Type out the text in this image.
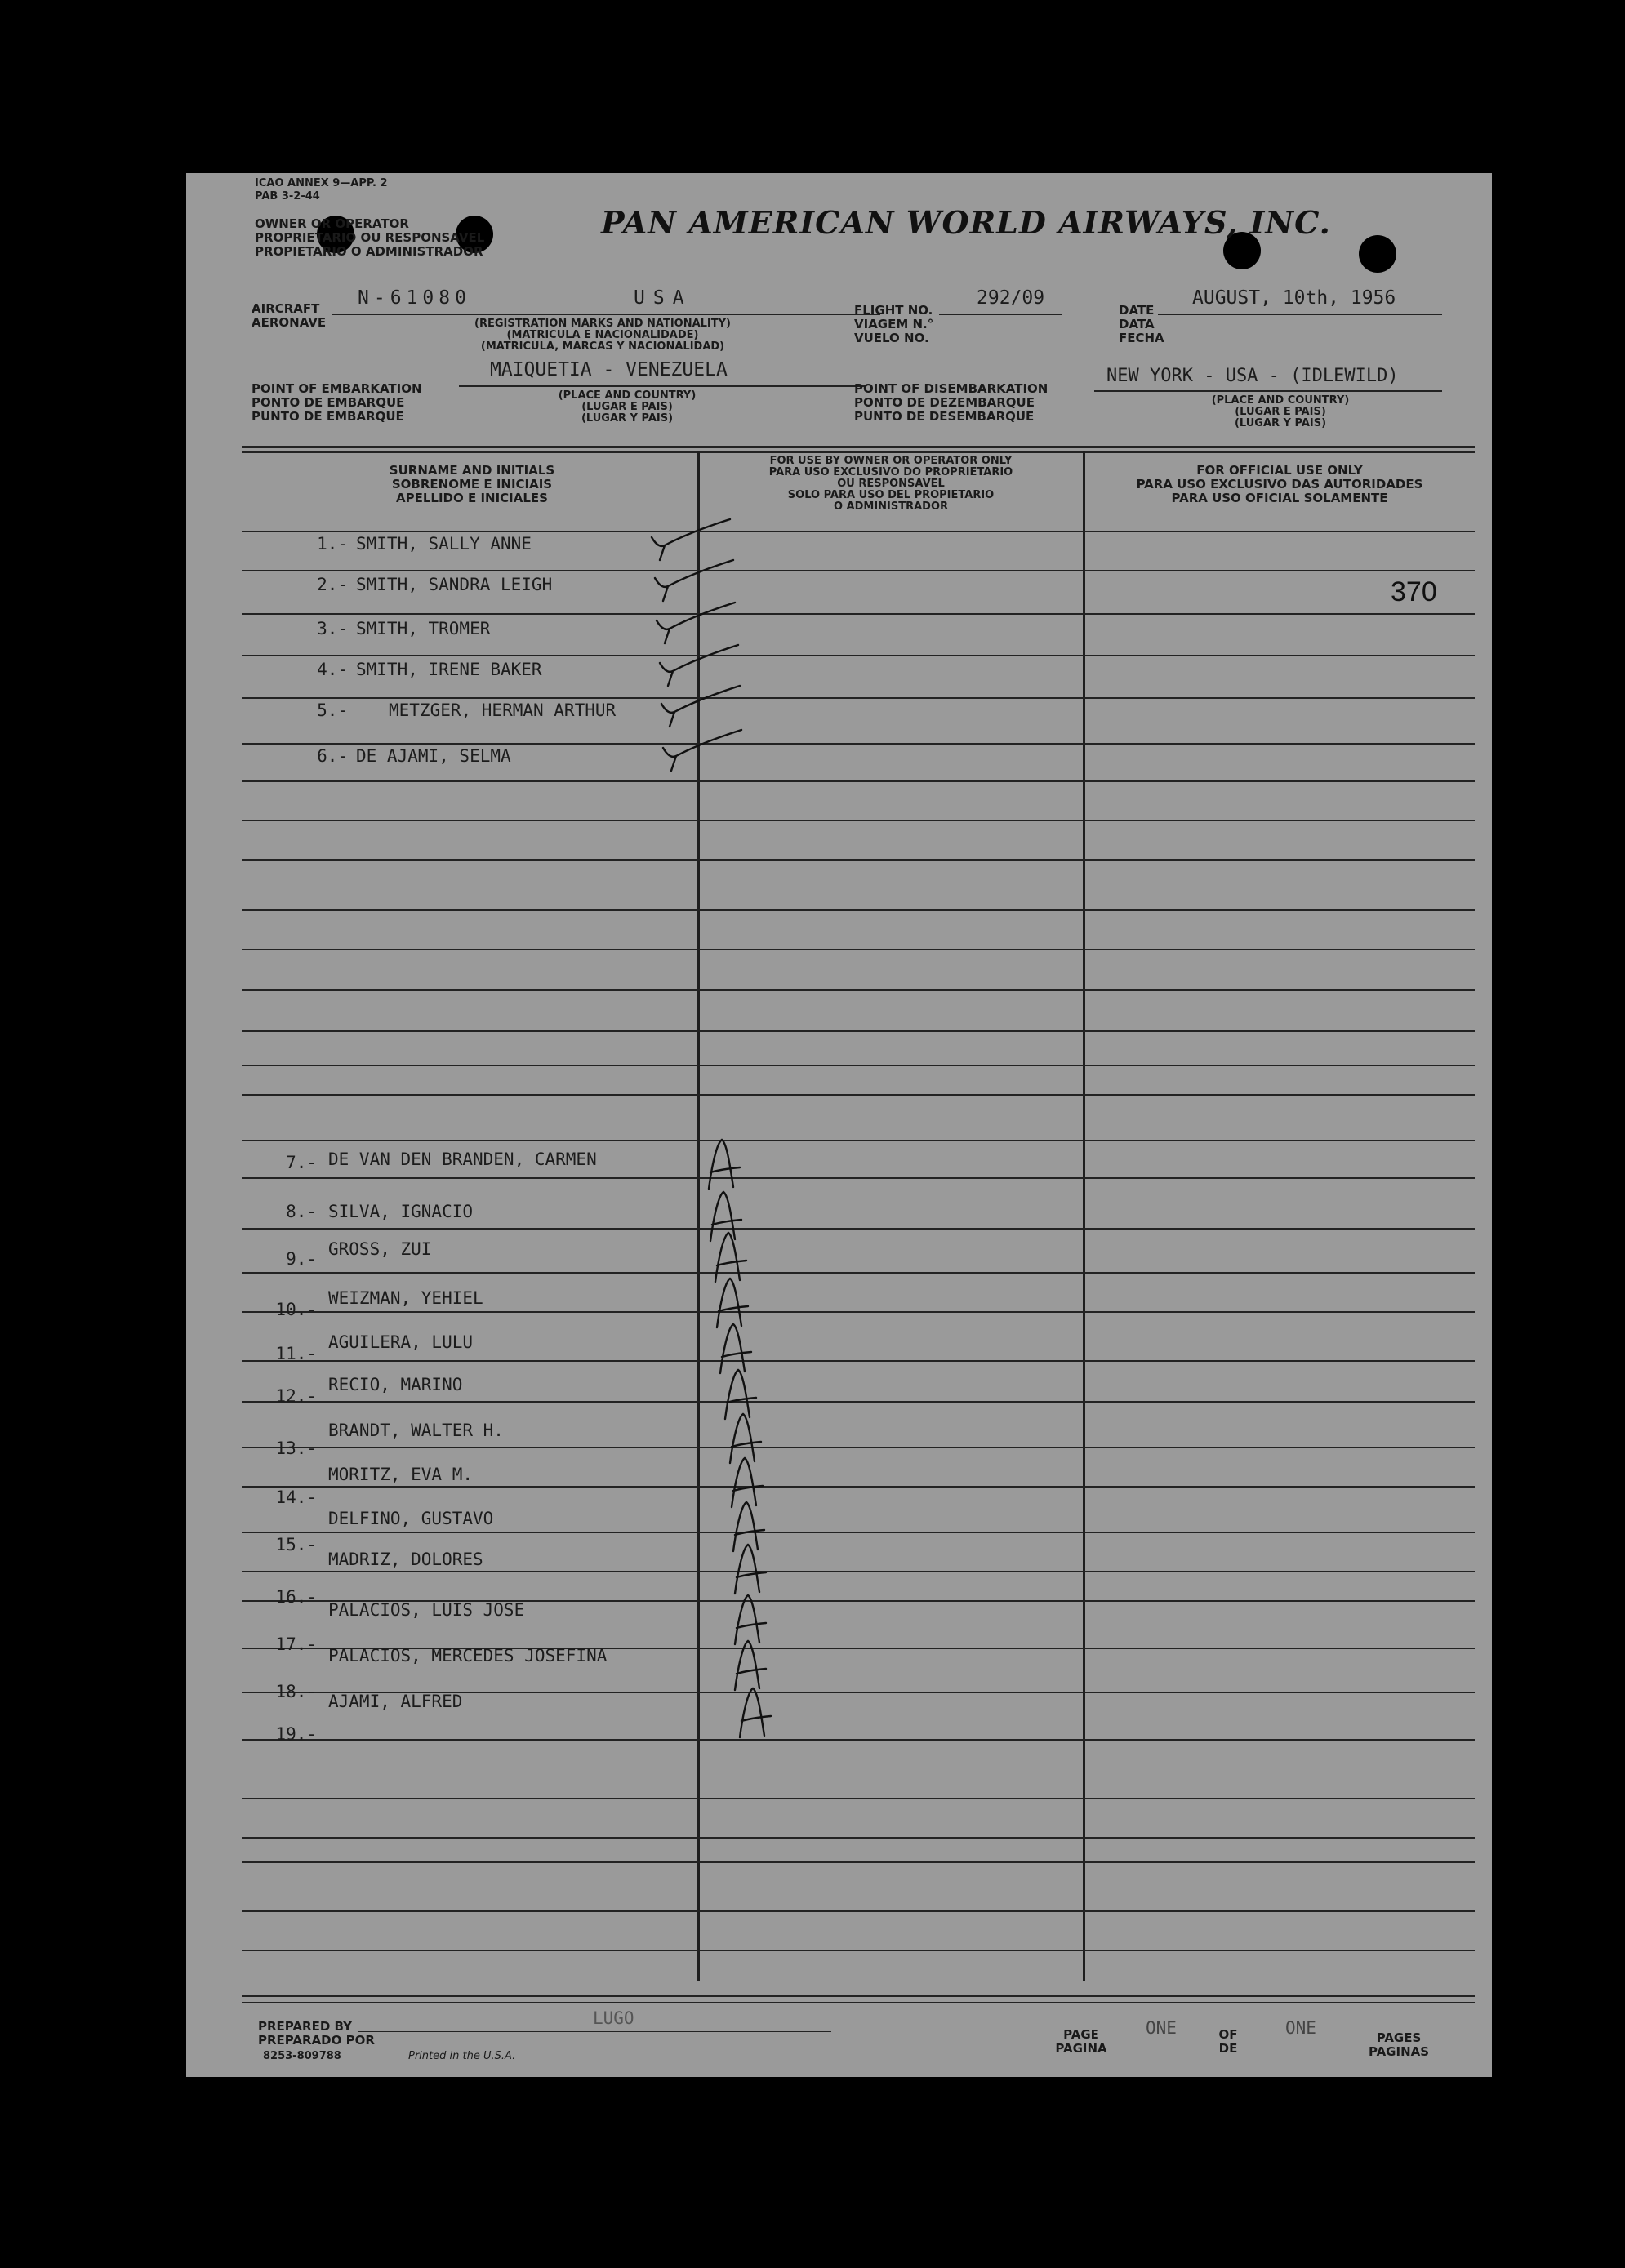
ICAO ANNEX 9—APP. 2
PAB 3-2-44
OWNER OR OPERATOR
PROPRIETARIO OU RESPONSAVEL
PROPIETARIO O ADMINISTRADOR
PAN AMERICAN WORLD AIRWAYS, INC.
AIRCRAFT
AERONAVE
N-61080	USA
(REGISTRATION MARKS AND NATIONALITY)
(MATRICULA E NACIONALIDADE)
(MATRICULA, MARCAS Y NACIONALIDAD)
FLIGHT NO.
VIAGEM N.°
VUELO NO.
292/09
DATE
DATA
FECHA
AUGUST, 10th, 1956
POINT OF EMBARKATION
PONTO DE EMBARQUE
PUNTO DE EMBARQUE
MAIQUETIA - VENEZUELA
(PLACE AND COUNTRY)
(LUGAR E PAIS)
(LUGAR Y PAIS)
POINT OF DISEMBARKATION
PONTO DE DEZEMBARQUE
PUNTO DE DESEMBARQUE
NEW YORK - USA - (IDLEWILD)
(PLACE AND COUNTRY)
(LUGAR E PAIS)
(LUGAR Y PAIS)
SURNAME AND INITIALS
SOBRENOME E INICIAIS
APELLIDO E INICIALES
FOR USE BY OWNER OR OPERATOR ONLY
PARA USO EXCLUSIVO DO PROPRIETARIO
OU RESPONSAVEL
SOLO PARA USO DEL PROPIETARIO
O ADMINISTRADOR
FOR OFFICIAL USE ONLY
PARA USO EXCLUSIVO DAS AUTORIDADES
PARA USO OFICIAL SOLAMENTE
370
1.- SMITH, SALLY ANNE
2.- SMITH, SANDRA LEIGH
3.- SMITH, TROMER
4.- SMITH, IRENE BAKER
5.- METZGER, HERMAN ARTHUR
6.- DE AJAMI, SELMA
7.- DE VAN DEN BRANDEN, CARMEN
8.- SILVA, IGNACIO
9.- GROSS, ZUI
10.-
WEIZMAN, YEHIEL
11.-
AGUILERA, LULU
12.-
RECIO, MARINO
13.-
BRANDT, WALTER H.
14.-
MORITZ, EVA M.
15.-
DELFINO, GUSTAVO
16.-
MADRIZ, DOLORES
17.-
PALACIOS, LUIS JOSE
18.-
PALACIOS, MERCEDES JOSEFINA
19.-
AJAMI, ALFRED
PREPARED BY
PREPARADO POR
LUGO
8253-809788	Printed in the U.S.A.
PAGE
PAGINA
ONE	OF
DE
ONE	PAGES
PAGINAS
